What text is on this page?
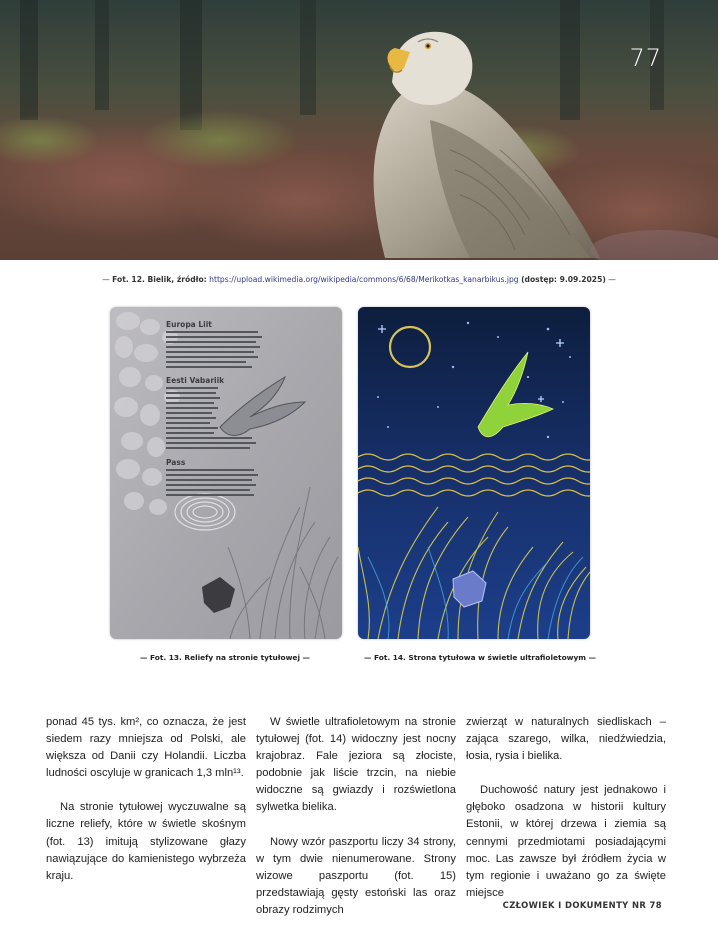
77
— Fot. 12. Bielik, źródło: https://upload.wikimedia.org/wikipedia/commons/6/68/Merikotkas_kanarbikus.jpg (dostęp: 9.09.2025) —
Europa Liit
Eesti Vabariik
Pass
— Fot. 13. Reliefy na stronie tytułowej —	— Fot. 14. Strona tytułowa w świetle ultrafioletowym —

ponad 45 tys. km², co oznacza, że jest siedem razy mniejsza od Polski, ale większa od Danii czy Holandii. Liczba ludności oscyluje w granicach 1,3 mln¹³.

Na stronie tytułowej wyczuwalne są liczne reliefy, które w świetle skośnym (fot. 13) imitują stylizowane głazy nawiązujące do kamienistego wybrzeża kraju.

W świetle ultrafioletowym na stronie tytułowej (fot. 14) widoczny jest nocny krajobraz. Fale jeziora są złociste, podobnie jak liście trzcin, na niebie widoczne są gwiazdy i rozświetlona sylwetka bielika.

Nowy wzór paszportu liczy 34 strony, w tym dwie nienumerowane. Strony wizowe paszportu (fot. 15) przedstawiają gęsty estoński las oraz obrazy rodzimych

zwierząt w naturalnych siedliskach – zająca szarego, wilka, niedźwiedzia, łosia, rysia i bielika.

Duchowość natury jest jednakowo i głęboko osadzona w historii kultury Estonii, w której drzewa i ziemia są cennymi przedmiotami posiadającymi moc. Las zawsze był źródłem życia w tym regionie i uważano go za święte miejsce

CZŁOWIEK I DOKUMENTY NR 78
